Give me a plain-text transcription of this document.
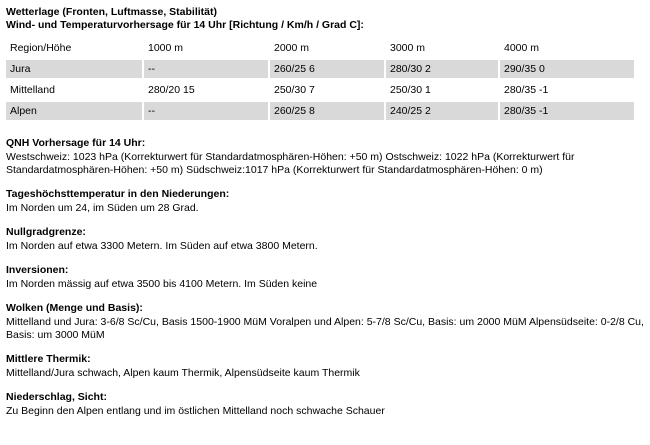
Wetterlage (Fronten, Luftmasse, Stabilität)
Wind- und Temperaturvorhersage für 14 Uhr [Richtung / Km/h / Grad C]:
Region/Höhe		1000 m		2000 m		3000 m		4000 m
Jura		--		260/25 6		280/30 2		290/35 0
Mittelland		280/20 15		250/30 7		250/30 1		280/35 -1
Alpen		--		260/25 8		240/25 2		280/35 -1
QNH Vorhersage für 14 Uhr:
Westschweiz: 1023 hPa (Korrekturwert für Standardatmosphären-Höhen: +50 m) Ostschweiz: 1022 hPa (Korrekturwert für Standardatmosphären-Höhen: +50 m) Südschweiz:1017 hPa (Korrekturwert für Standardatmosphären-Höhen: 0 m)
Tageshöchsttemperatur in den Niederungen:
Im Norden um 24, im Süden um 28 Grad.
Nullgradgrenze:
Im Norden auf etwa 3300 Metern. Im Süden auf etwa 3800 Metern.
Inversionen:
Im Norden mässig auf etwa 3500 bis 4100 Metern. Im Süden keine
Wolken (Menge und Basis):
Mittelland und Jura: 3-6/8 Sc/Cu, Basis 1500-1900 MüM Voralpen und Alpen: 5-7/8 Sc/Cu, Basis: um 2000 MüM Alpensüdseite: 0-2/8 Cu, Basis: um 3000 MüM
Mittlere Thermik:
Mittelland/Jura schwach, Alpen kaum Thermik, Alpensüdseite kaum Thermik
Niederschlag, Sicht:
Zu Beginn den Alpen entlang und im östlichen Mittelland noch schwache Schauer
